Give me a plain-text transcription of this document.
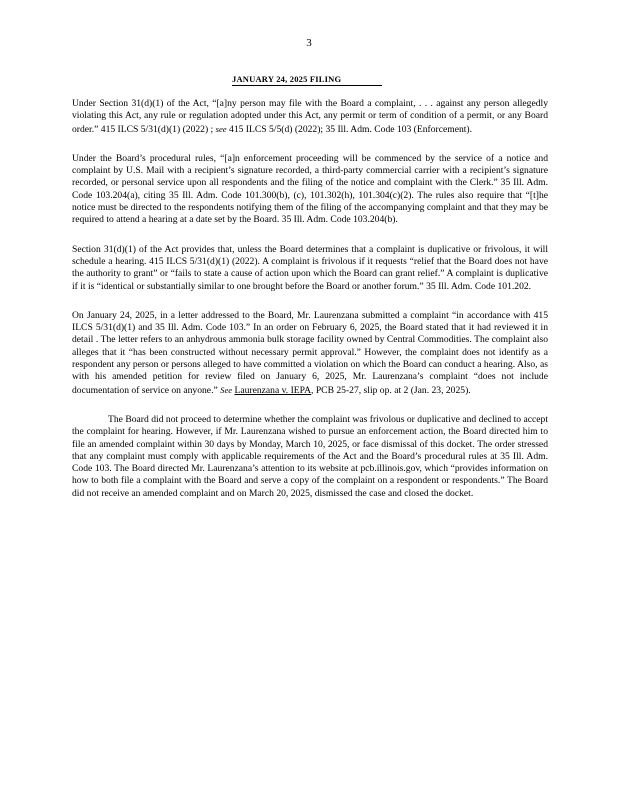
3
JANUARY 24, 2025 FILING

Under Section 31(d)(1) of the Act, “[a]ny person may file with the Board a complaint, . . . against any person allegedly violating this Act, any rule or regulation adopted under this Act, any permit or term of condition of a permit, or any Board order.” 415 ILCS 5/31(d)(1) (2022) ; see 415 ILCS 5/5(d) (2022); 35 Ill. Adm. Code 103 (Enforcement).

Under the Board’s procedural rules, “[a]n enforcement proceeding will be commenced by the service of a notice and complaint by U.S. Mail with a recipient’s signature recorded, a third-party commercial carrier with a recipient’s signature recorded, or personal service upon all respondents and the filing of the notice and complaint with the Clerk.” 35 Ill. Adm. Code 103.204(a), citing 35 Ill. Adm. Code 101.300(b), (c), 101.302(h), 101.304(c)(2). The rules also require that “[t]he notice must be directed to the respondents notifying them of the filing of the accompanying complaint and that they may be required to attend a hearing at a date set by the Board. 35 Ill. Adm. Code 103.204(b).

Section 31(d)(1) of the Act provides that, unless the Board determines that a complaint is duplicative or frivolous, it will schedule a hearing. 415 ILCS 5/31(d)(1) (2022). A complaint is frivolous if it requests “relief that the Board does not have the authority to grant” or “fails to state a cause of action upon which the Board can grant relief.” A complaint is duplicative if it is “identical or substantially similar to one brought before the Board or another forum.” 35 Ill. Adm. Code 101.202.

On January 24, 2025, in a letter addressed to the Board, Mr. Laurenzana submitted a complaint “in accordance with 415 ILCS 5/31(d)(1) and 35 Ill. Adm. Code 103.” In an order on February 6, 2025, the Board stated that it had reviewed it in detail . The letter refers to an anhydrous ammonia bulk storage facility owned by Central Commodities. The complaint also alleges that it “has been constructed without necessary permit approval.” However, the complaint does not identify as a respondent any person or persons alleged to have committed a violation on which the Board can conduct a hearing. Also, as with his amended petition for review filed on January 6, 2025, Mr. Laurenzana’s complaint “does not include documentation of service on anyone.” See Laurenzana v. IEPA, PCB 25-27, slip op. at 2 (Jan. 23, 2025).

The Board did not proceed to determine whether the complaint was frivolous or duplicative and declined to accept the complaint for hearing. However, if Mr. Laurenzana wished to pursue an enforcement action, the Board directed him to file an amended complaint within 30 days by Monday, March 10, 2025, or face dismissal of this docket. The order stressed that any complaint must comply with applicable requirements of the Act and the Board’s procedural rules at 35 Ill. Adm. Code 103. The Board directed Mr. Laurenzana’s attention to its website at pcb.illinois.gov, which “provides information on how to both file a complaint with the Board and serve a copy of the complaint on a respondent or respondents.” The Board did not receive an amended complaint and on March 20, 2025, dismissed the case and closed the docket.
